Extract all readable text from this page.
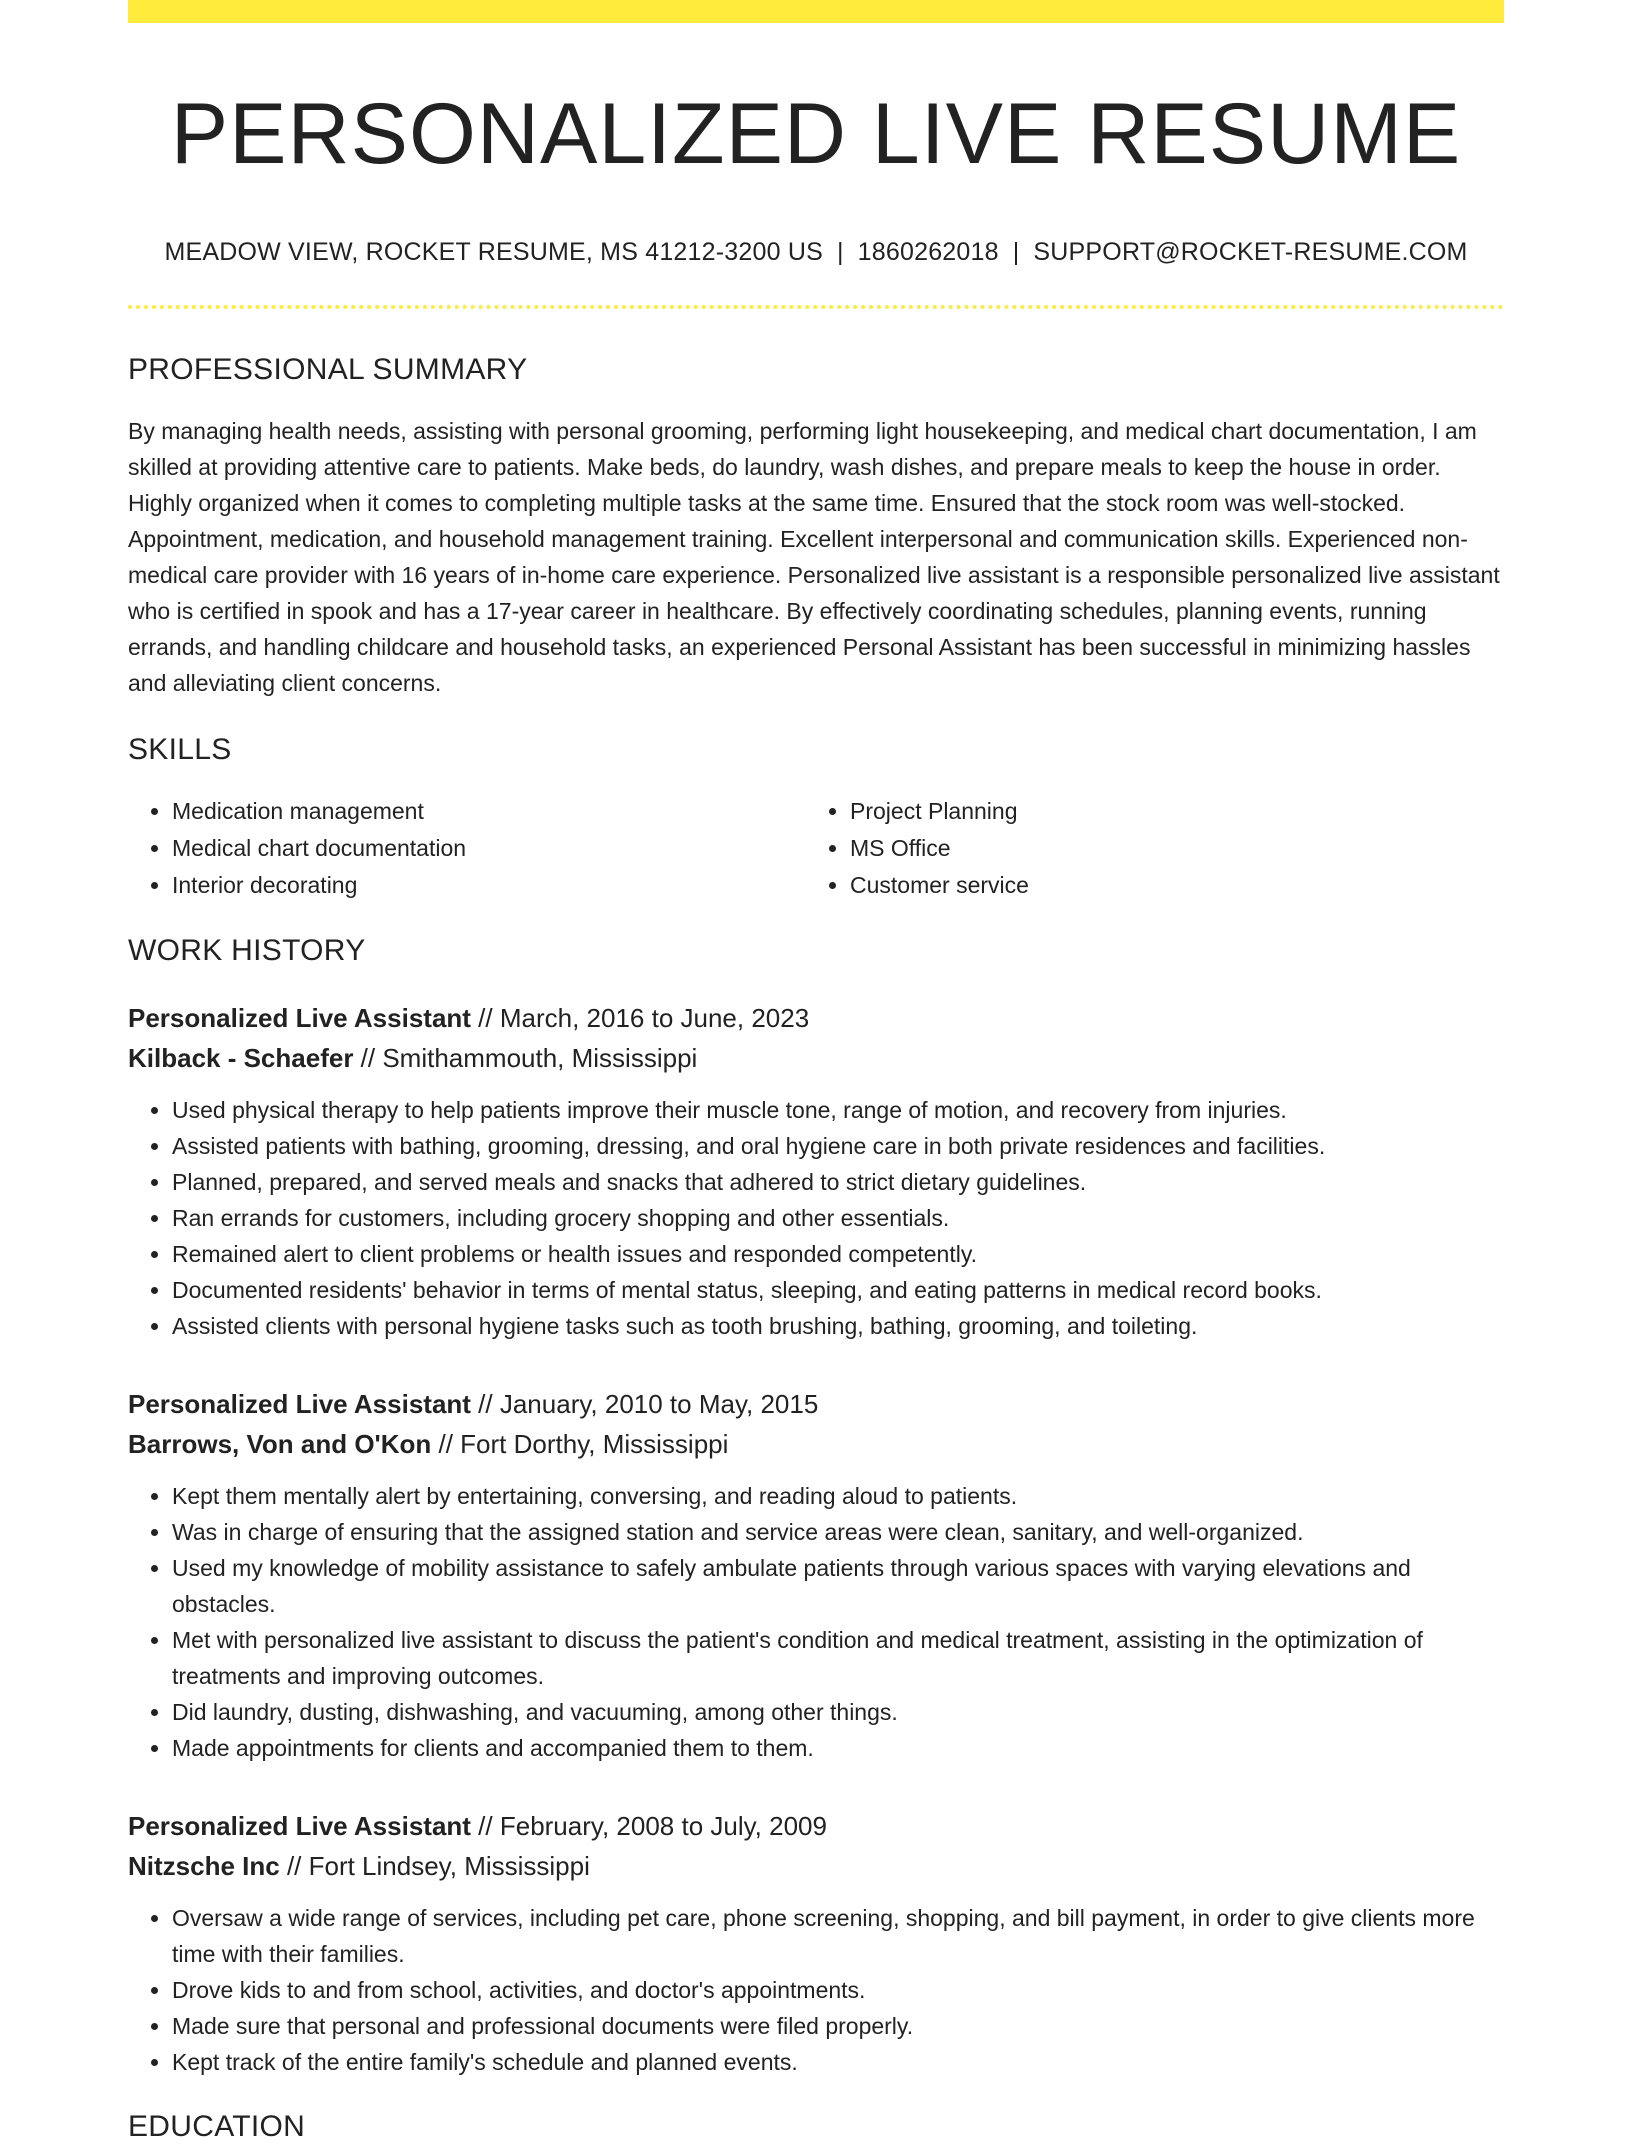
PERSONALIZED LIVE RESUME
MEADOW VIEW, ROCKET RESUME, MS 41212-3200 US | 1860262018 | SUPPORT@ROCKET-RESUME.COM
PROFESSIONAL SUMMARY

By managing health needs, assisting with personal grooming, performing light housekeeping, and medical chart documentation, I am skilled at providing attentive care to patients. Make beds, do laundry, wash dishes, and prepare meals to keep the house in order. Highly organized when it comes to completing multiple tasks at the same time. Ensured that the stock room was well-stocked. Appointment, medication, and household management training. Excellent interpersonal and communication skills. Experienced non-medical care provider with 16 years of in-home care experience. Personalized live assistant is a responsible personalized live assistant who is certified in spook and has a 17-year career in healthcare. By effectively coordinating schedules, planning events, running errands, and handling childcare and household tasks, an experienced Personal Assistant has been successful in minimizing hassles and alleviating client concerns.

SKILLS
• Medication management
• Medical chart documentation
• Interior decorating
• Project Planning
• MS Office
• Customer service
WORK HISTORY
Personalized Live Assistant // March, 2016 to June, 2023
Kilback - Schaefer // Smithammouth, Mississippi
• Used physical therapy to help patients improve their muscle tone, range of motion, and recovery from injuries.
• Assisted patients with bathing, grooming, dressing, and oral hygiene care in both private residences and facilities.
• Planned, prepared, and served meals and snacks that adhered to strict dietary guidelines.
• Ran errands for customers, including grocery shopping and other essentials.
• Remained alert to client problems or health issues and responded competently.
• Documented residents' behavior in terms of mental status, sleeping, and eating patterns in medical record books.
• Assisted clients with personal hygiene tasks such as tooth brushing, bathing, grooming, and toileting.
Personalized Live Assistant // January, 2010 to May, 2015
Barrows, Von and O'Kon // Fort Dorthy, Mississippi
• Kept them mentally alert by entertaining, conversing, and reading aloud to patients.
• Was in charge of ensuring that the assigned station and service areas were clean, sanitary, and well-organized.
• Used my knowledge of mobility assistance to safely ambulate patients through various spaces with varying elevations and obstacles.
• Met with personalized live assistant to discuss the patient's condition and medical treatment, assisting in the optimization of treatments and improving outcomes.
• Did laundry, dusting, dishwashing, and vacuuming, among other things.
• Made appointments for clients and accompanied them to them.
Personalized Live Assistant // February, 2008 to July, 2009
Nitzsche Inc // Fort Lindsey, Mississippi
• Oversaw a wide range of services, including pet care, phone screening, shopping, and bill payment, in order to give clients more time with their families.
• Drove kids to and from school, activities, and doctor's appointments.
• Made sure that personal and professional documents were filed properly.
• Kept track of the entire family's schedule and planned events.
EDUCATION
